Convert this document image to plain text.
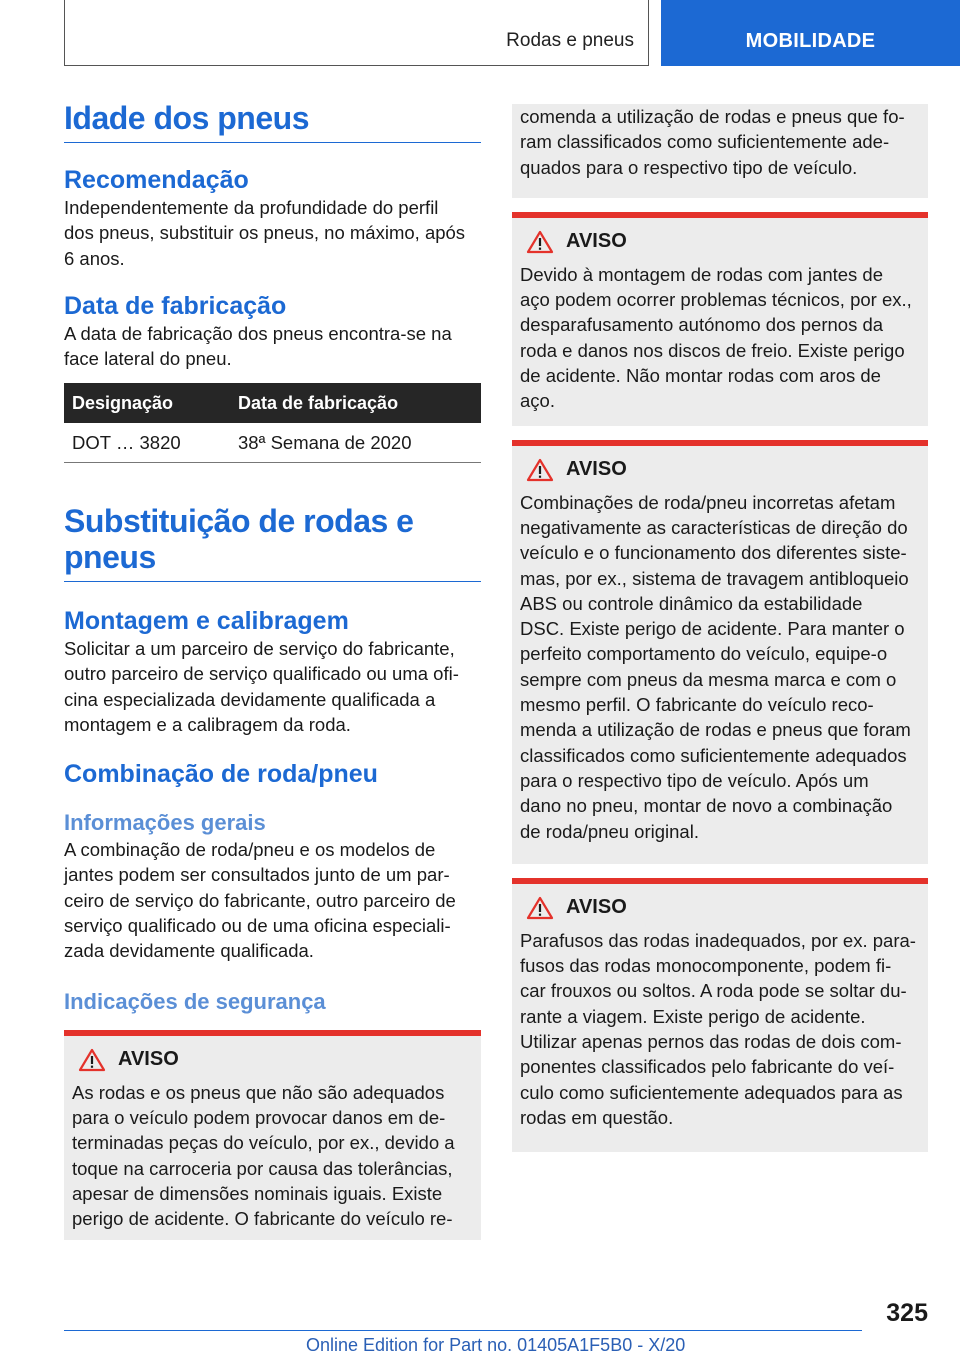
Rodas e pneus	MOBILIDADE
Idade dos pneus
Recomendação

Independentemente da profundidade do perfil
dos pneus, substituir os pneus, no máximo, após
6 anos.

Data de fabricação

A data de fabricação dos pneus encontra-se na
face lateral do pneu.

Designação	Data de fabricação
DOT … 3820	38ª Semana de 2020
Substituição de rodas e
pneus
Montagem e calibragem

Solicitar a um parceiro de serviço do fabricante,
outro parceiro de serviço qualificado ou uma ofi-
cina especializada devidamente qualificada a
montagem e a calibragem da roda.

Combinação de roda/pneu
Informações gerais

A combinação de roda/pneu e os modelos de
jantes podem ser consultados junto de um par-
ceiro de serviço do fabricante, outro parceiro de
serviço qualificado ou de uma oficina especiali-
zada devidamente qualificada.

Indicações de segurança
AVISO

As rodas e os pneus que não são adequados
para o veículo podem provocar danos em de-
terminadas peças do veículo, por ex., devido a
toque na carroceria por causa das tolerâncias,
apesar de dimensões nominais iguais. Existe
perigo de acidente. O fabricante do veículo re-

comenda a utilização de rodas e pneus que fo-
ram classificados como suficientemente ade-
quados para o respectivo tipo de veículo.

AVISO

Devido à montagem de rodas com jantes de
aço podem ocorrer problemas técnicos, por ex.,
desparafusamento autónomo dos pernos da
roda e danos nos discos de freio. Existe perigo
de acidente. Não montar rodas com aros de
aço.

AVISO

Combinações de roda/pneu incorretas afetam
negativamente as características de direção do
veículo e o funcionamento dos diferentes siste-
mas, por ex., sistema de travagem antibloqueio
ABS ou controle dinâmico da estabilidade
DSC. Existe perigo de acidente. Para manter o
perfeito comportamento do veículo, equipe-o
sempre com pneus da mesma marca e com o
mesmo perfil. O fabricante do veículo reco-
menda a utilização de rodas e pneus que foram
classificados como suficientemente adequados
para o respectivo tipo de veículo. Após um
dano no pneu, montar de novo a combinação
de roda/pneu original.

AVISO

Parafusos das rodas inadequados, por ex. para-
fusos das rodas monocomponente, podem fi-
car frouxos ou soltos. A roda pode se soltar du-
rante a viagem. Existe perigo de acidente.
Utilizar apenas pernos das rodas de dois com-
ponentes classificados pelo fabricante do veí-
culo como suficientemente adequados para as
rodas em questão.

325
Online Edition for Part no. 01405A1F5B0 - X/20
